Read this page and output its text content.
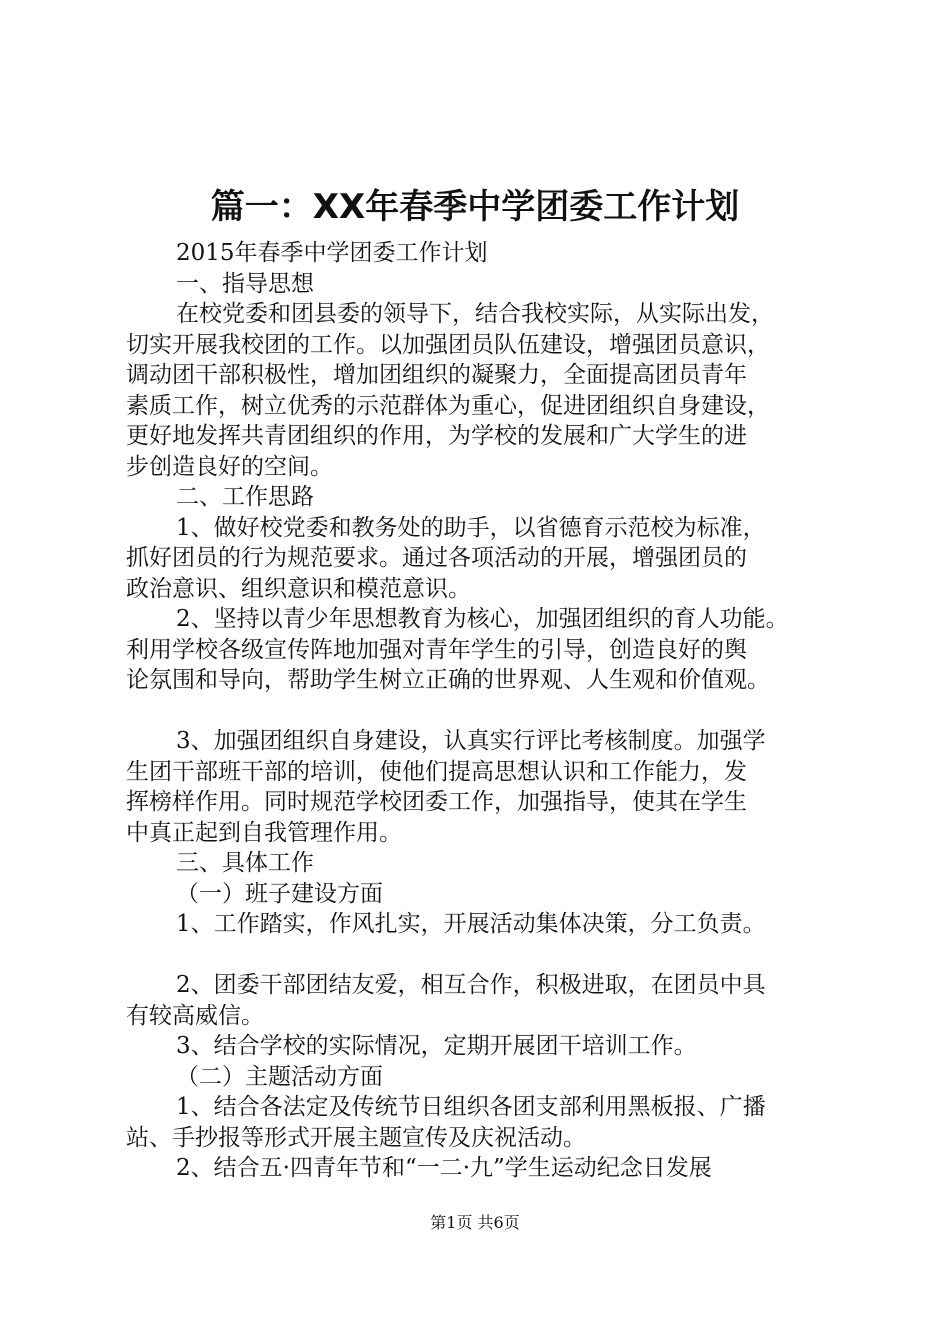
篇一：XX年春季中学团委工作计划
2015年春季中学团委工作计划
一、指导思想
在校党委和团县委的领导下，结合我校实际，从实际出发，
切实开展我校团的工作。以加强团员队伍建设，增强团员意识，
调动团干部积极性，增加团组织的凝聚力，全面提高团员青年
素质工作，树立优秀的示范群体为重心，促进团组织自身建设，
更好地发挥共青团组织的作用，为学校的发展和广大学生的进
步创造良好的空间。
二、工作思路
1、做好校党委和教务处的助手，以省德育示范校为标准，
抓好团员的行为规范要求。通过各项活动的开展，增强团员的
政治意识、组织意识和模范意识。
2、坚持以青少年思想教育为核心，加强团组织的育人功能。
利用学校各级宣传阵地加强对青年学生的引导，创造良好的舆
论氛围和导向，帮助学生树立正确的世界观、人生观和价值观。
3、加强团组织自身建设，认真实行评比考核制度。加强学
生团干部班干部的培训，使他们提高思想认识和工作能力，发
挥榜样作用。同时规范学校团委工作，加强指导，使其在学生
中真正起到自我管理作用。
三、具体工作
（一）班子建设方面
1、工作踏实，作风扎实，开展活动集体决策，分工负责。
2、团委干部团结友爱，相互合作，积极进取，在团员中具
有较高威信。
3、结合学校的实际情况，定期开展团干培训工作。
（二）主题活动方面
1、结合各法定及传统节日组织各团支部利用黑板报、广播
站、手抄报等形式开展主题宣传及庆祝活动。
2、结合五·四青年节和“一二·九”学生运动纪念日发展
第1页 共6页
